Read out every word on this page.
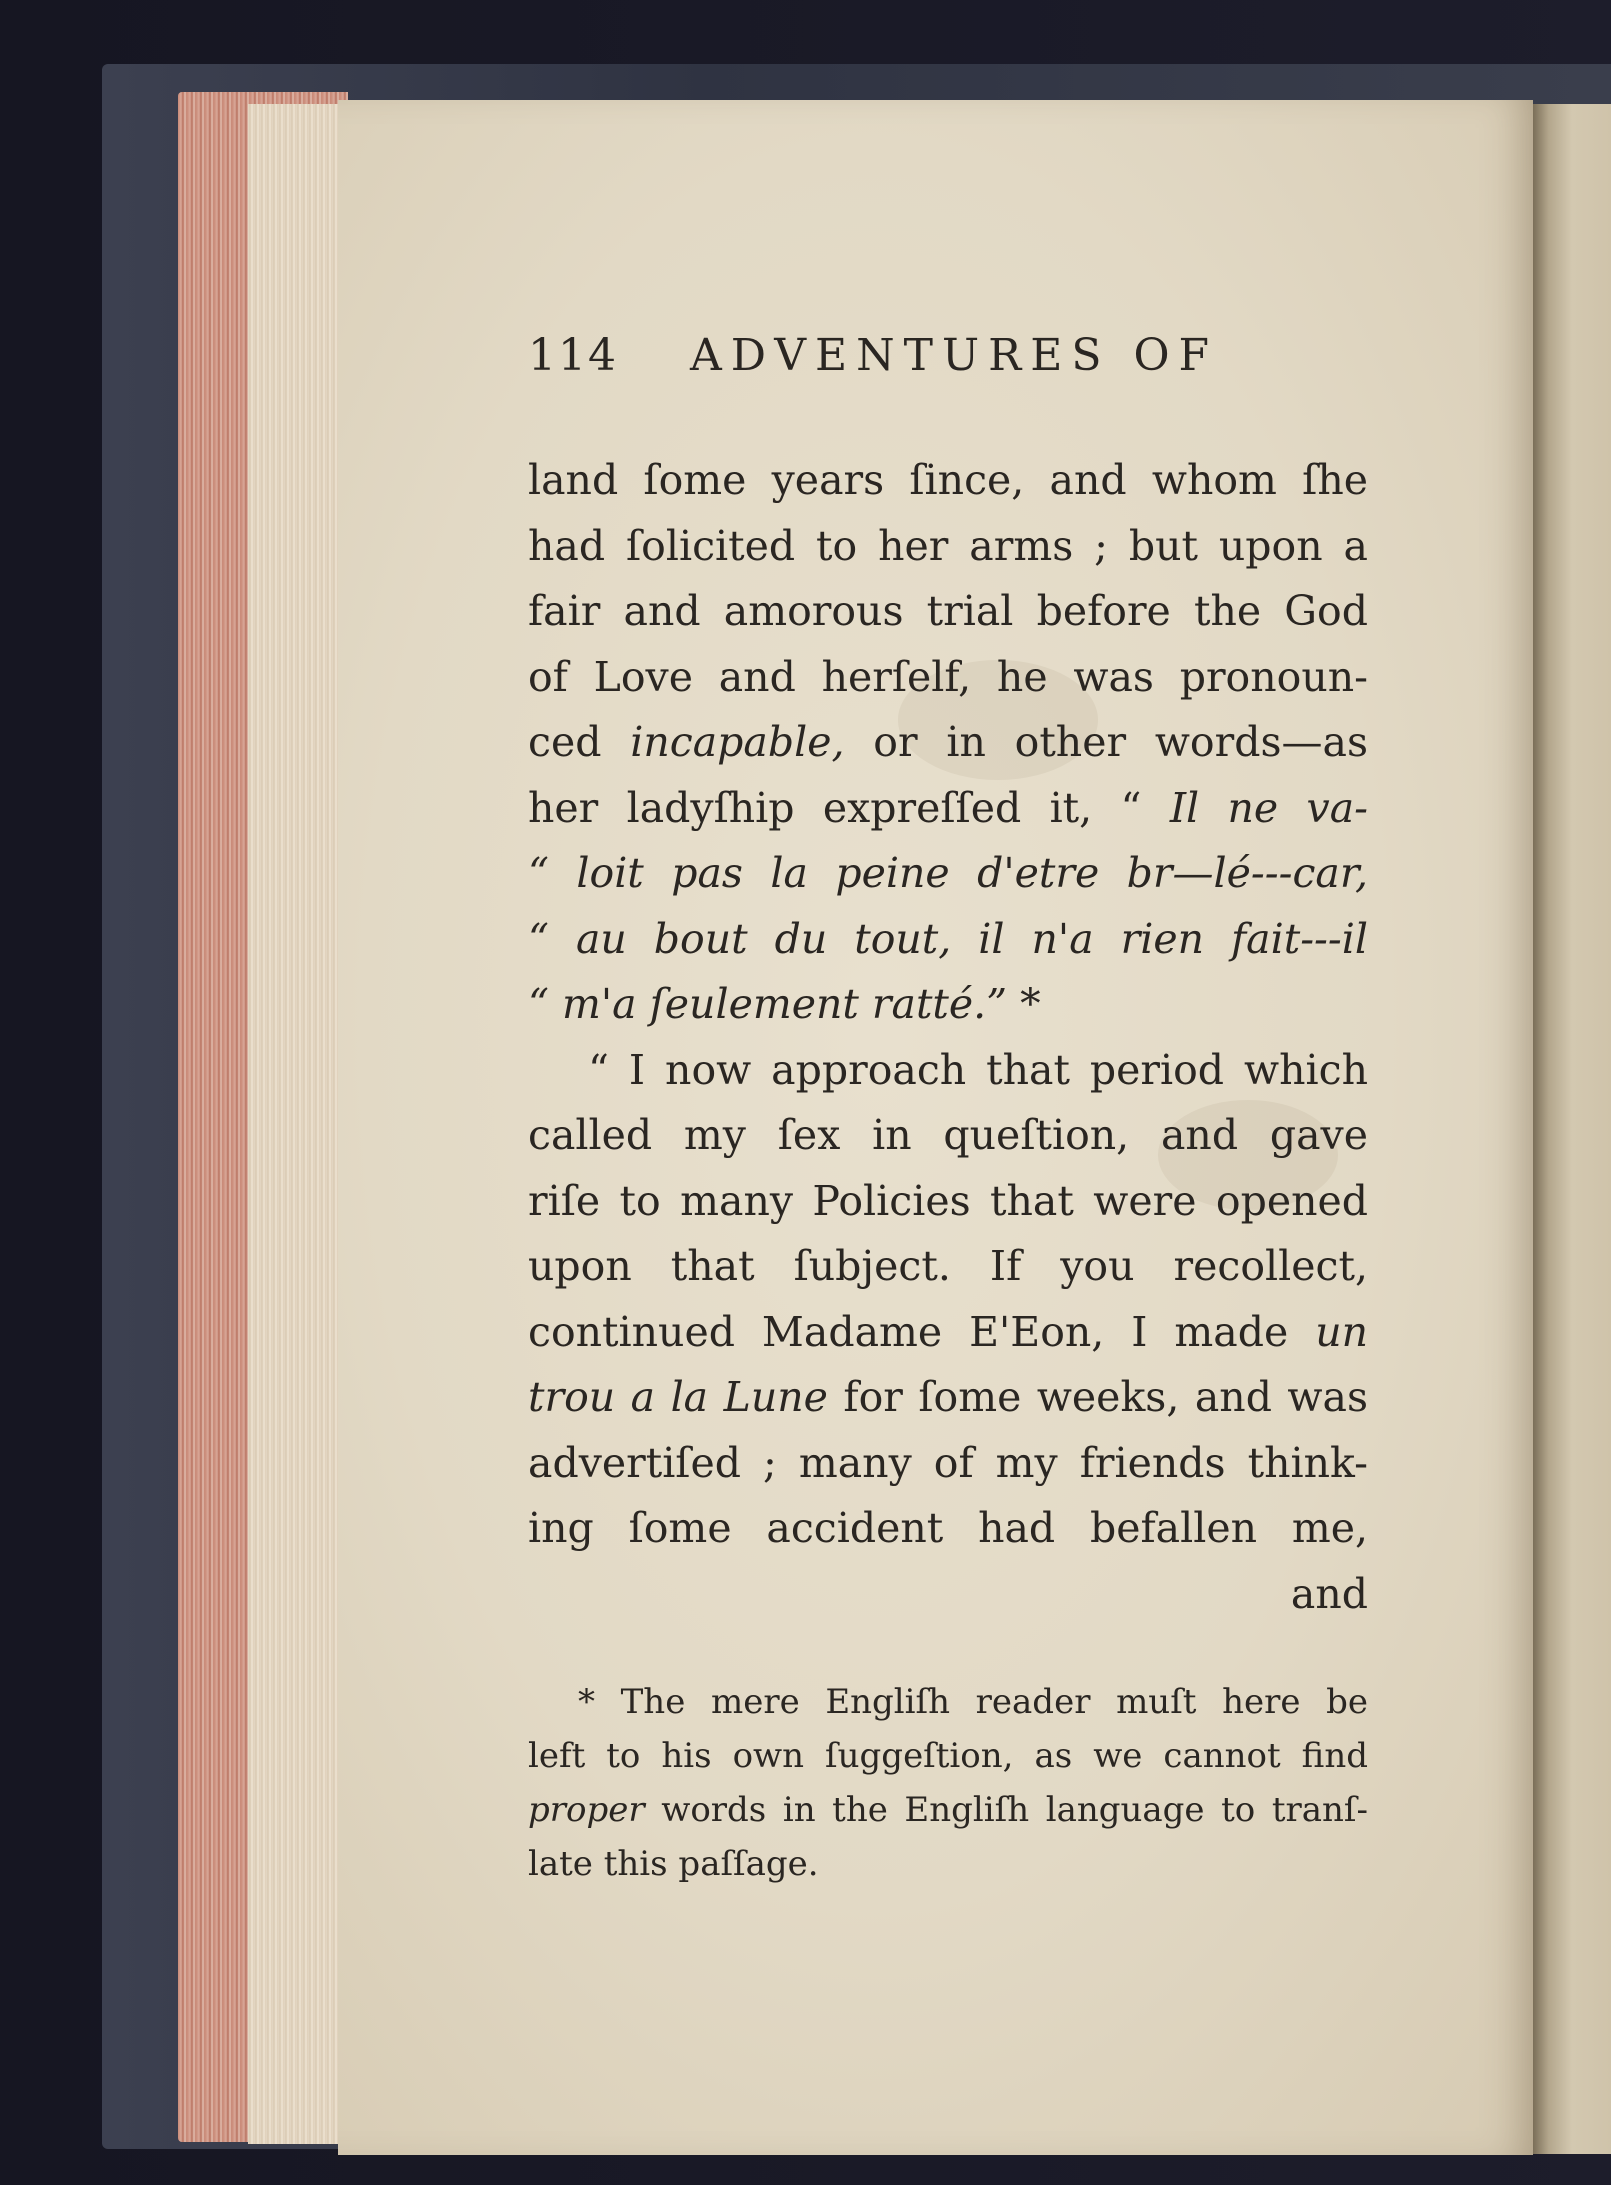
114 ADVENTURES OF
land ſome years ſince, and whom ſhe
had ſolicited to her arms ; but upon a
fair and amorous trial before the God
of Love and herſelf, he was pronoun-
ced incapable, or in other words—as
her ladyſhip expreſſed it, “ Il ne va-
“ loit pas la peine d'etre br—lé---car,
“ au bout du tout, il n'a rien fait---il
“ m'a ſeulement ratté.” *
“ I now approach that period which
called my ſex in queſtion, and gave
riſe to many Policies that were opened
upon that ſubject. If you recollect,
continued Madame E'Eon, I made un
trou a la Lune for ſome weeks, and was
advertiſed ; many of my friends think-
ing ſome accident had befallen me,
and
* The mere Engliſh reader muſt here be
left to his own ſuggeſtion, as we cannot find
proper words in the Engliſh language to tranſ-
late this paſſage.
